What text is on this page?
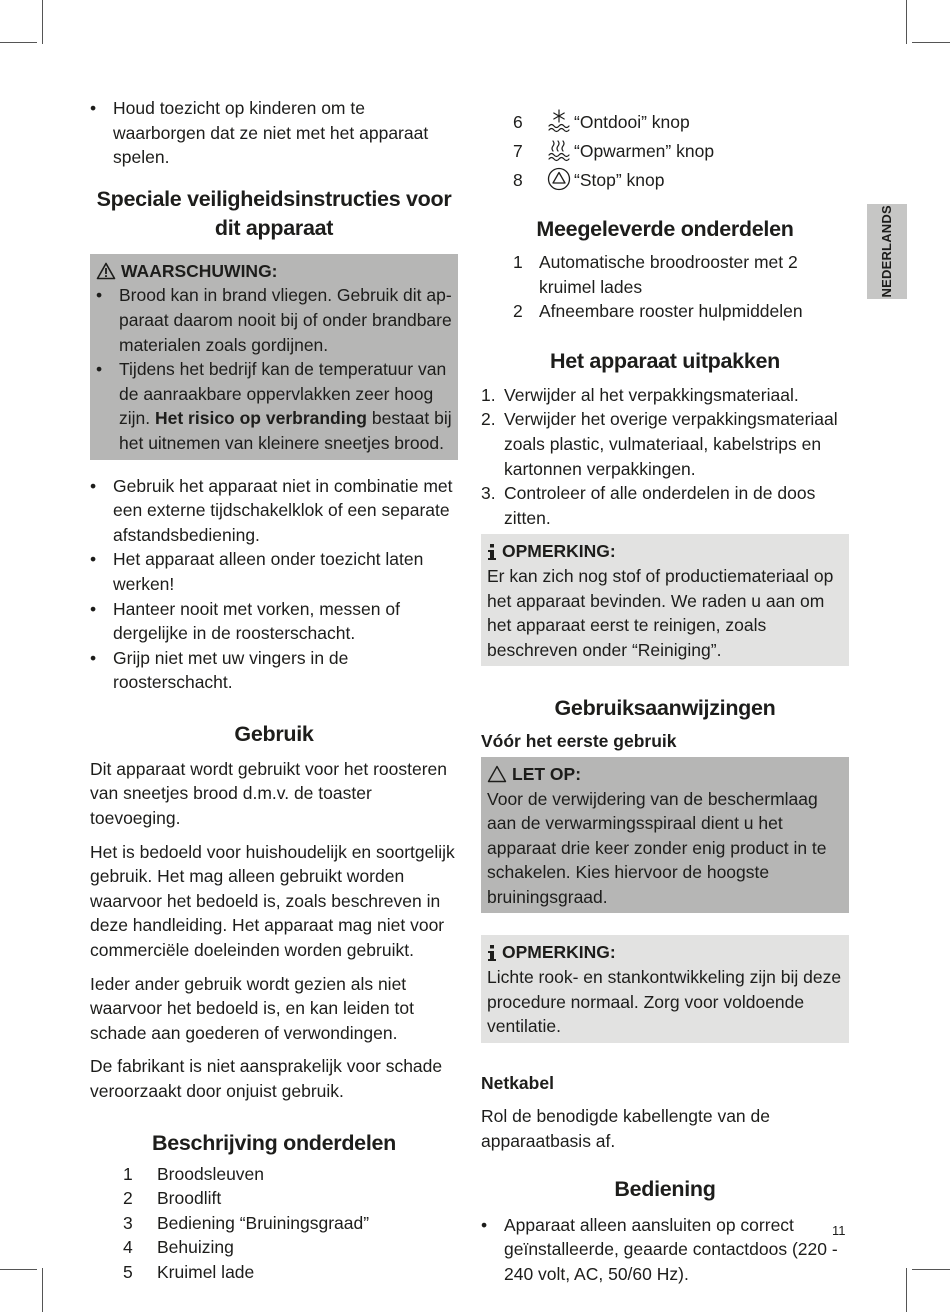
NEDERLANDS

• Houd toezicht op kinderen om te waarborgen dat ze niet met het apparaat spelen.

Speciale veiligheidsinstructies voor dit apparaat
WAARSCHUWING:

• Brood kan in brand vliegen. Gebruik dit apparaat daarom nooit bij of onder brandbare materialen zoals gordijnen.

• Tijdens het bedrijf kan de temperatuur van de aanraakbare oppervlakken zeer hoog zijn. Het risico op verbranding bestaat bij het uitnemen van kleinere sneetjes brood.

• Gebruik het apparaat niet in combinatie met een externe tijdschakelklok of een separate afstandsbediening.

• Het apparaat alleen onder toezicht laten werken!

• Hanteer nooit met vorken, messen of dergelijke in de roosterschacht.

• Grijp niet met uw vingers in de roosterschacht.

Gebruik

Dit apparaat wordt gebruikt voor het roosteren van sneetjes brood d.m.v. de toaster toevoeging.

Het is bedoeld voor huishoudelijk en soortgelijk gebruik. Het mag alleen gebruikt worden waarvoor het bedoeld is, zoals beschreven in deze handleiding. Het apparaat mag niet voor commerciële doeleinden worden gebruikt.

Ieder ander gebruik wordt gezien als niet waarvoor het bedoeld is, en kan leiden tot schade aan goederen of verwondingen.

De fabrikant is niet aansprakelijk voor schade veroorzaakt door onjuist gebruik.

Beschrijving onderdelen
1	Broodsleuven
2	Broodlift
3	Bediening “Bruiningsgraad”
4	Behuizing
5	Kruimel lade
6	“Ontdooi” knop
7	“Opwarmen” knop
8	“Stop” knop
Meegeleverde onderdelen
1 Automatische broodrooster met 2 kruimel lades
2 Afneembare rooster hulpmiddelen
Het apparaat uitpakken
1. Verwijder al het verpakkingsmateriaal.
2. Verwijder het overige verpakkingsmateriaal zoals plastic, vulmateriaal, kabelstrips en kartonnen verpakkingen.
3. Controleer of alle onderdelen in de doos zitten.
OPMERKING:

Er kan zich nog stof of productiemateriaal op het apparaat bevinden. We raden u aan om het apparaat eerst te reinigen, zoals beschreven onder “Reiniging”.

Gebruiksaanwijzingen
Vóór het eerste gebruik
LET OP:

Voor de verwijdering van de beschermlaag aan de verwarmingsspiraal dient u het apparaat drie keer zonder enig product in te schakelen. Kies hiervoor de hoogste bruiningsgraad.

OPMERKING:

Lichte rook- en stankontwikkeling zijn bij deze procedure normaal. Zorg voor voldoende ventilatie.

Netkabel

Rol de benodigde kabellengte van de apparaatbasis af.

Bediening

• Apparaat alleen aansluiten op correct geïnstalleerde, geaarde contactdoos (220 - 240 volt, AC, 50/60 Hz).

11
